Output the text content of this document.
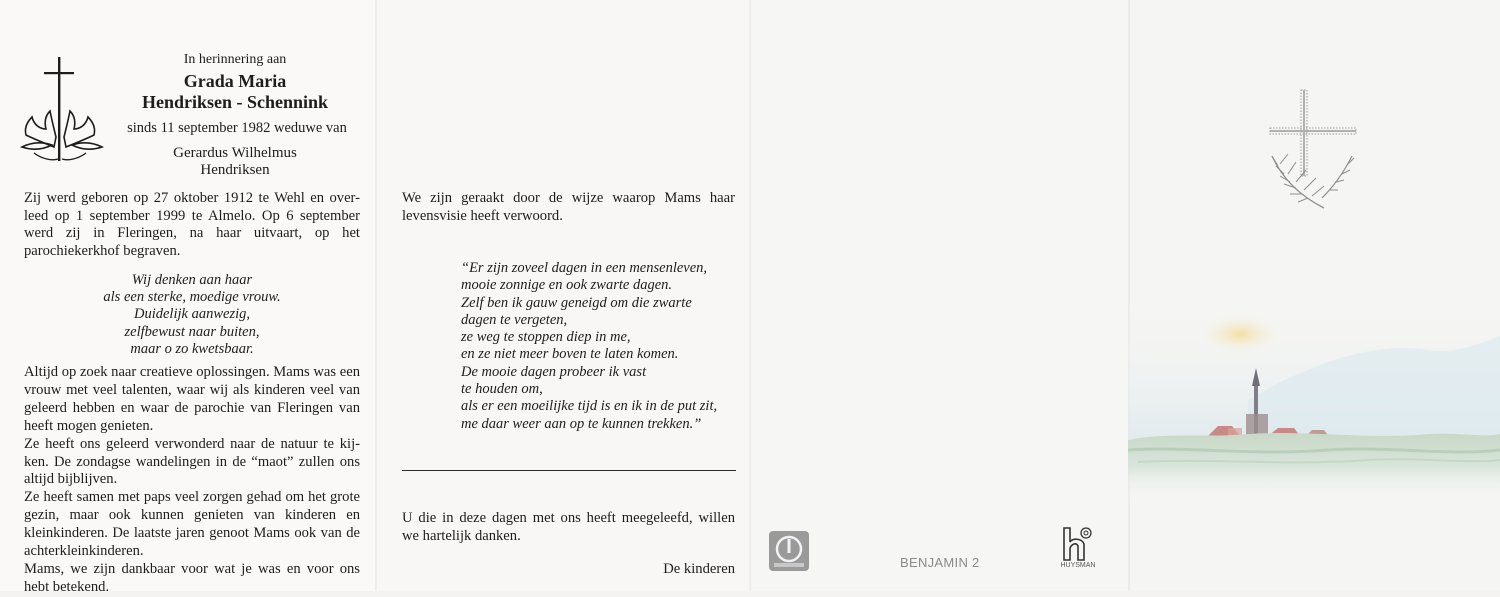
In herinnering aan
Grada Maria
Hendriksen - Schennink
sinds 11 september 1982 weduwe van
Gerardus Wilhelmus
Hendriksen
Zij werd geboren op 27 oktober 1912 te Wehl en over-
leed op 1 september 1999 te Almelo. Op 6 september
werd zij in Fleringen, na haar uitvaart, op het
parochiekerkhof begraven.
Wij denken aan haar
als een sterke, moedige vrouw.
Duidelijk aanwezig,
zelfbewust naar buiten,
maar o zo kwetsbaar.

Altijd op zoek naar creatieve oplossingen. Mams was een vrouw met veel talenten, waar wij als kinderen veel van geleerd hebben en waar de parochie van Fleringen van heeft mogen genieten.

Ze heeft ons geleerd verwonderd naar de natuur te kij-ken. De zondagse wandelingen in de “maot” zullen ons altijd bijblijven.

Ze heeft samen met paps veel zorgen gehad om het grote gezin, maar ook kunnen genieten van kinderen en kleinkinderen. De laatste jaren genoot Mams ook van de achterkleinkinderen.

Mams, we zijn dankbaar voor wat je was en voor ons hebt betekend.

We zijn geraakt door de wijze waarop Mams haar levensvisie heeft verwoord.
“Er zijn zoveel dagen in een mensenleven,
mooie zonnige en ook zwarte dagen.
Zelf ben ik gauw geneigd om die zwarte
dagen te vergeten,
ze weg te stoppen diep in me,
en ze niet meer boven te laten komen.
De mooie dagen probeer ik vast
te houden om,
als er een moeilijke tijd is en ik in de put zit,
me daar weer aan op te kunnen trekken.”
U die in deze dagen met ons heeft meegeleefd, willen we hartelijk danken.
De kinderen	BENJAMIN 2	HUYSMAN
